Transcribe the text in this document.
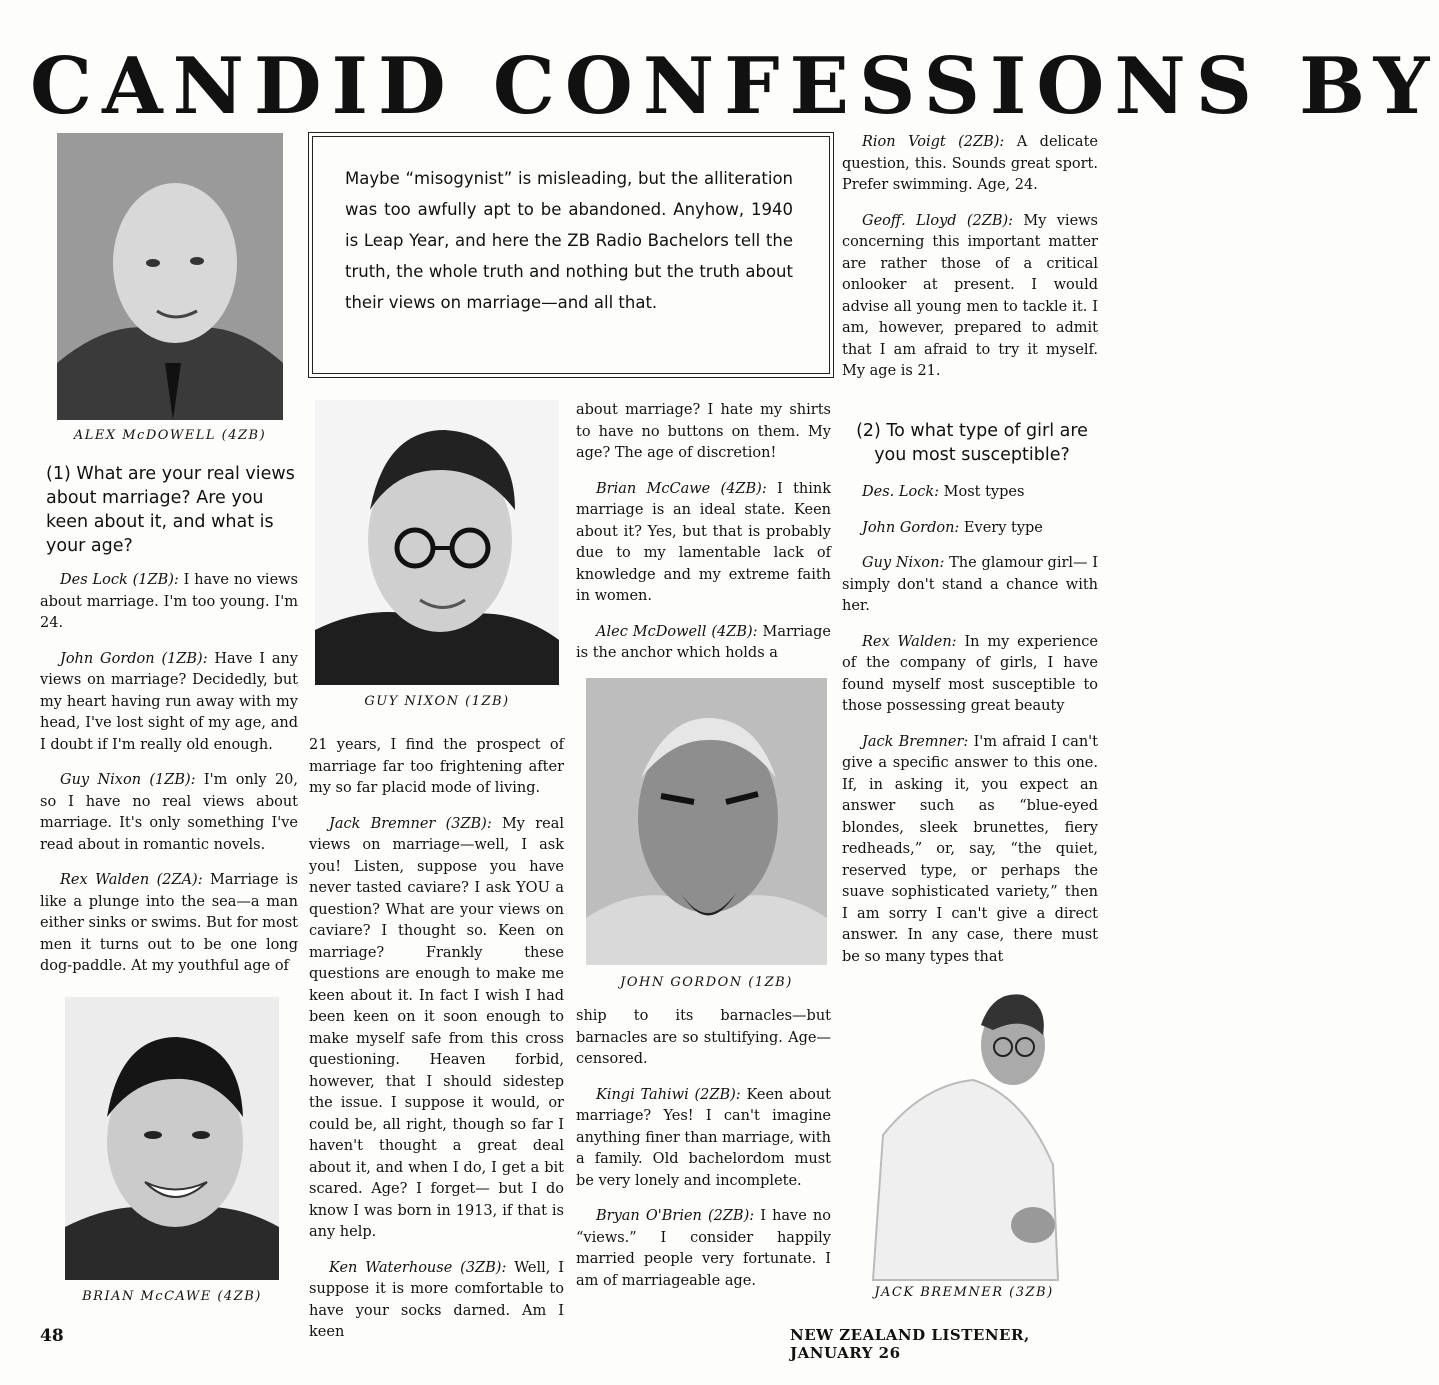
CANDID CONFESSIONS BY
ALEX McDOWELL (4ZB)
GUY NIXON (1ZB)
JOHN GORDON (1ZB)
BRIAN McCAWE (4ZB)	JACK BREMNER (3ZB)
Maybe “misogynist” is misleading, but the alliteration was too awfully apt to be abandoned. Anyhow, 1940 is Leap Year, and here the ZB Radio Bachelors tell the truth, the whole truth and nothing but the truth about their views on marriage—and all that.
(1) What are your real views about marriage? Are you keen about it, and what is your age?

Des Lock (1ZB): I have no views about marriage. I'm too young. I'm 24.

John Gordon (1ZB): Have I any views on marriage? Decidedly, but my heart having run away with my head, I've lost sight of my age, and I doubt if I'm really old enough.

Guy Nixon (1ZB): I'm only 20, so I have no real views about marriage. It's only something I've read about in romantic novels.

Rex Walden (2ZA): Marriage is like a plunge into the sea—a man either sinks or swims. But for most men it turns out to be one long dog-paddle. At my youthful age of

21 years, I find the prospect of marriage far too frightening after my so far placid mode of living.

Jack Bremner (3ZB): My real views on marriage—well, I ask you! Listen, suppose you have never tasted caviare? I ask YOU a question? What are your views on caviare? I thought so. Keen on marriage? Frankly these questions are enough to make me keen about it. In fact I wish I had been keen on it soon enough to make myself safe from this cross questioning. Heaven forbid, however, that I should sidestep the issue. I suppose it would, or could be, all right, though so far I haven't thought a great deal about it, and when I do, I get a bit scared. Age? I forget— but I do know I was born in 1913, if that is any help.

Ken Waterhouse (3ZB): Well, I suppose it is more comfortable to have your socks darned. Am I keen

about marriage? I hate my shirts to have no buttons on them. My age? The age of discretion!

Brian McCawe (4ZB): I think marriage is an ideal state. Keen about it? Yes, but that is probably due to my lamentable lack of knowledge and my extreme faith in women.

Alec McDowell (4ZB): Marriage is the anchor which holds a

ship to its barnacles—but barnacles are so stultifying. Age—censored.

Kingi Tahiwi (2ZB): Keen about marriage? Yes! I can't imagine anything finer than marriage, with a family. Old bachelordom must be very lonely and incomplete.

Bryan O'Brien (2ZB): I have no “views.” I consider happily married people very fortunate. I am of marriageable age.

Rion Voigt (2ZB): A delicate question, this. Sounds great sport. Prefer swimming. Age, 24.

Geoff. Lloyd (2ZB): My views concerning this important matter are rather those of a critical onlooker at present. I would advise all young men to tackle it. I am, however, prepared to admit that I am afraid to try it myself. My age is 21.

(2) To what type of girl are you most susceptible?

Des. Lock: Most types

John Gordon: Every type

Guy Nixon: The glamour girl— I simply don't stand a chance with her.

Rex Walden: In my experience of the company of girls, I have found myself most susceptible to those possessing great beauty

Jack Bremner: I'm afraid I can't give a specific answer to this one. If, in asking it, you expect an answer such as “blue-eyed blondes, sleek brunettes, fiery redheads,” or, say, “the quiet, reserved type, or perhaps the suave sophisticated variety,” then I am sorry I can't give a direct answer. In any case, there must be so many types that

48	NEW ZEALAND LISTENER, JANUARY 26
